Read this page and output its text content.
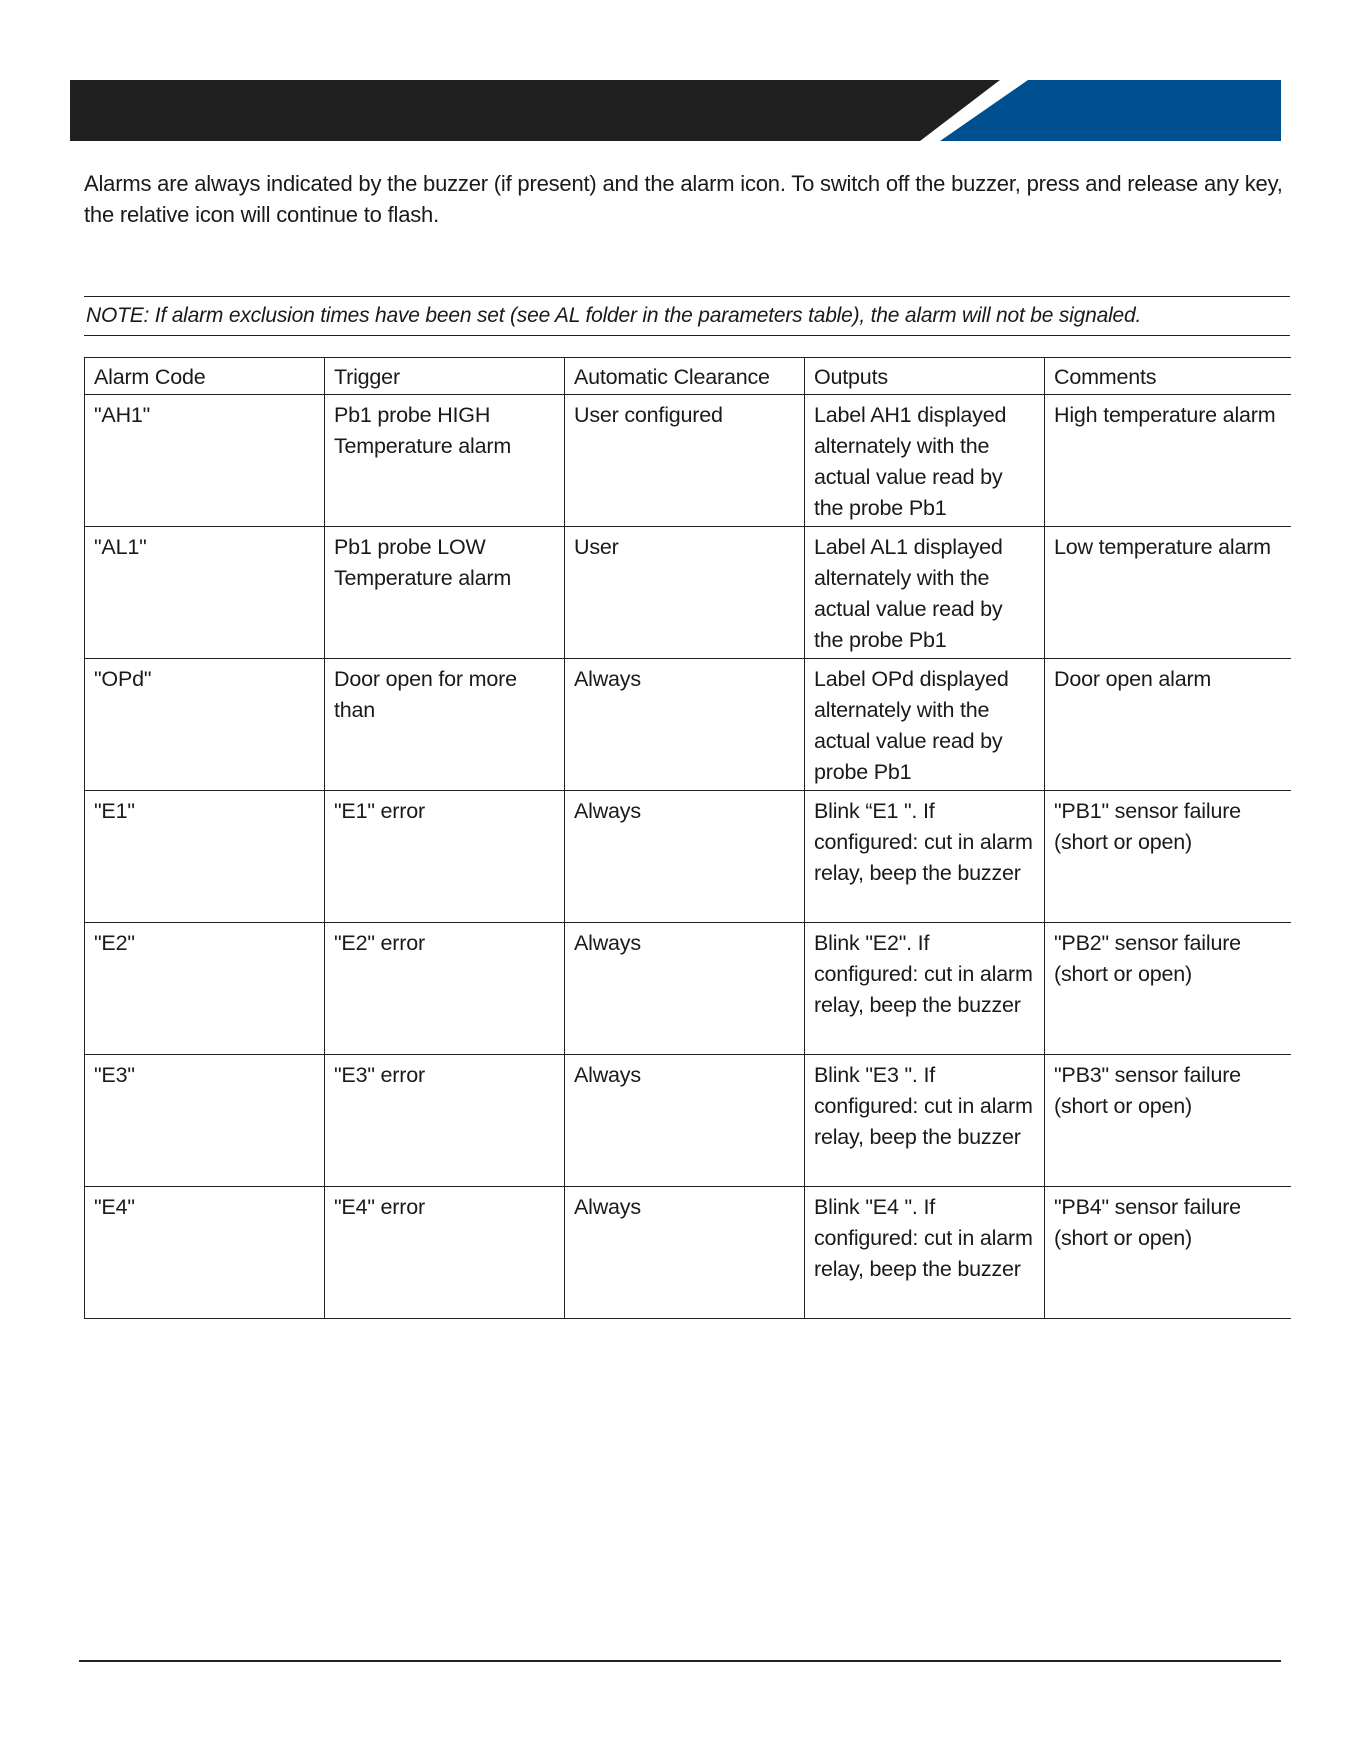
Alarms are always indicated by the buzzer (if present) and the alarm icon. To switch off the buzzer, press and release any key, the relative icon will continue to flash.
NOTE: If alarm exclusion times have been set (see AL folder in the parameters table), the alarm will not be signaled.
Alarm Code	Trigger	Automatic Clearance	Outputs	Comments
"AH1"	Pb1 probe HIGH Temperature alarm	User configured	Label AH1 displayed alternately with the actual value read by the probe Pb1	High temperature alarm
"AL1"	Pb1 probe LOW Temperature alarm	User	Label AL1 displayed alternately with the actual value read by the probe Pb1	Low temperature alarm
"OPd"	Door open for more than	Always	Label OPd displayed alternately with the actual value read by probe Pb1	Door open alarm
"E1"	"E1" error	Always	Blink “E1 ". If configured: cut in alarm relay, beep the buzzer	"PB1" sensor failure (short or open)
"E2"	"E2" error	Always	Blink "E2". If configured: cut in alarm relay, beep the buzzer	"PB2" sensor failure (short or open)
"E3"	"E3" error	Always	Blink "E3 ". If configured: cut in alarm relay, beep the buzzer	"PB3" sensor failure (short or open)
"E4"	"E4" error	Always	Blink "E4 ". If configured: cut in alarm relay, beep the buzzer	"PB4" sensor failure (short or open)
